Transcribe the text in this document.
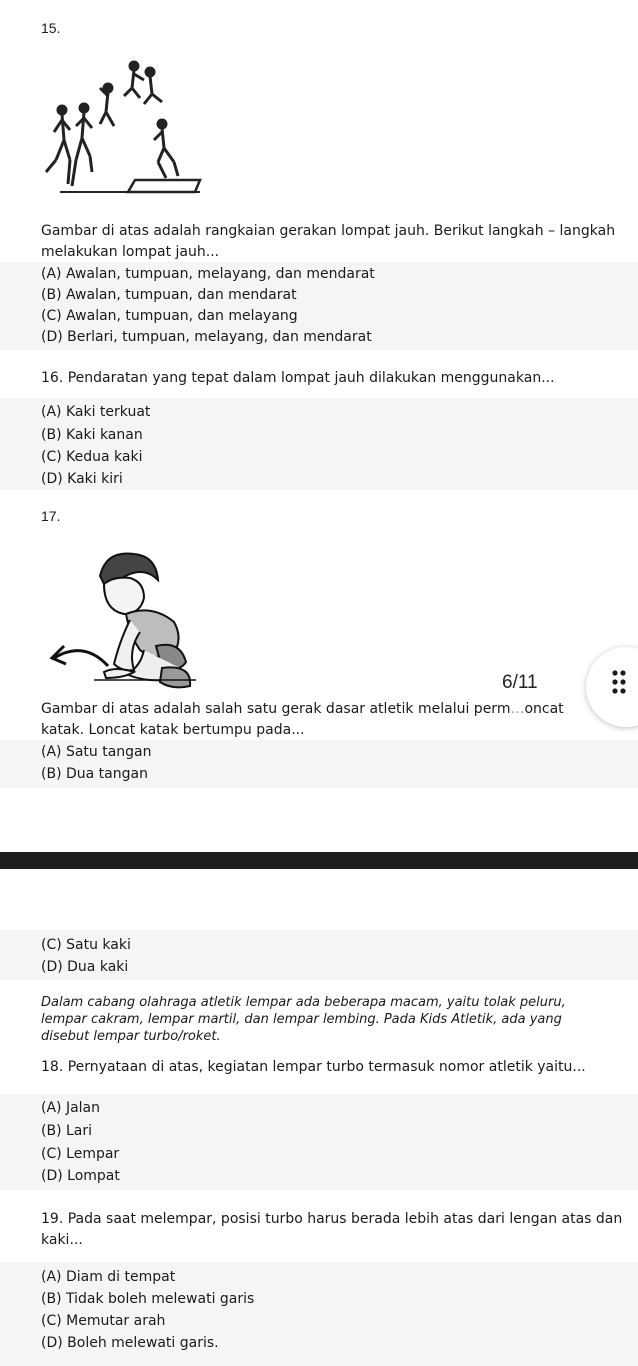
15.
Gambar di atas adalah rangkaian gerakan lompat jauh. Berikut langkah – langkah
melakukan lompat jauh...
(A) Awalan, tumpuan, melayang, dan mendarat
(B) Awalan, tumpuan, dan mendarat
(C) Awalan, tumpuan, dan melayang
(D) Berlari, tumpuan, melayang, dan mendarat
16. Pendaratan yang tepat dalam lompat jauh dilakukan menggunakan...
(A) Kaki terkuat
(B) Kaki kanan
(C) Kedua kaki
(D) Kaki kiri
17.
Gambar di atas adalah salah satu gerak dasar atletik melalui perm…oncat
katak. Loncat katak bertumpu pada...
(A) Satu tangan
(B) Dua tangan
6/11
(C) Satu kaki
(D) Dua kaki
Dalam cabang olahraga atletik lempar ada beberapa macam, yaitu tolak peluru, lempar cakram, lempar martil, dan lempar lembing. Pada Kids Atletik, ada yang disebut lempar turbo/roket.
18. Pernyataan di atas, kegiatan lempar turbo termasuk nomor atletik yaitu...
(A) Jalan
(B) Lari
(C) Lempar
(D) Lompat
19. Pada saat melempar, posisi turbo harus berada lebih atas dari lengan atas dan
kaki...
(A) Diam di tempat
(B) Tidak boleh melewati garis
(C) Memutar arah
(D) Boleh melewati garis.
